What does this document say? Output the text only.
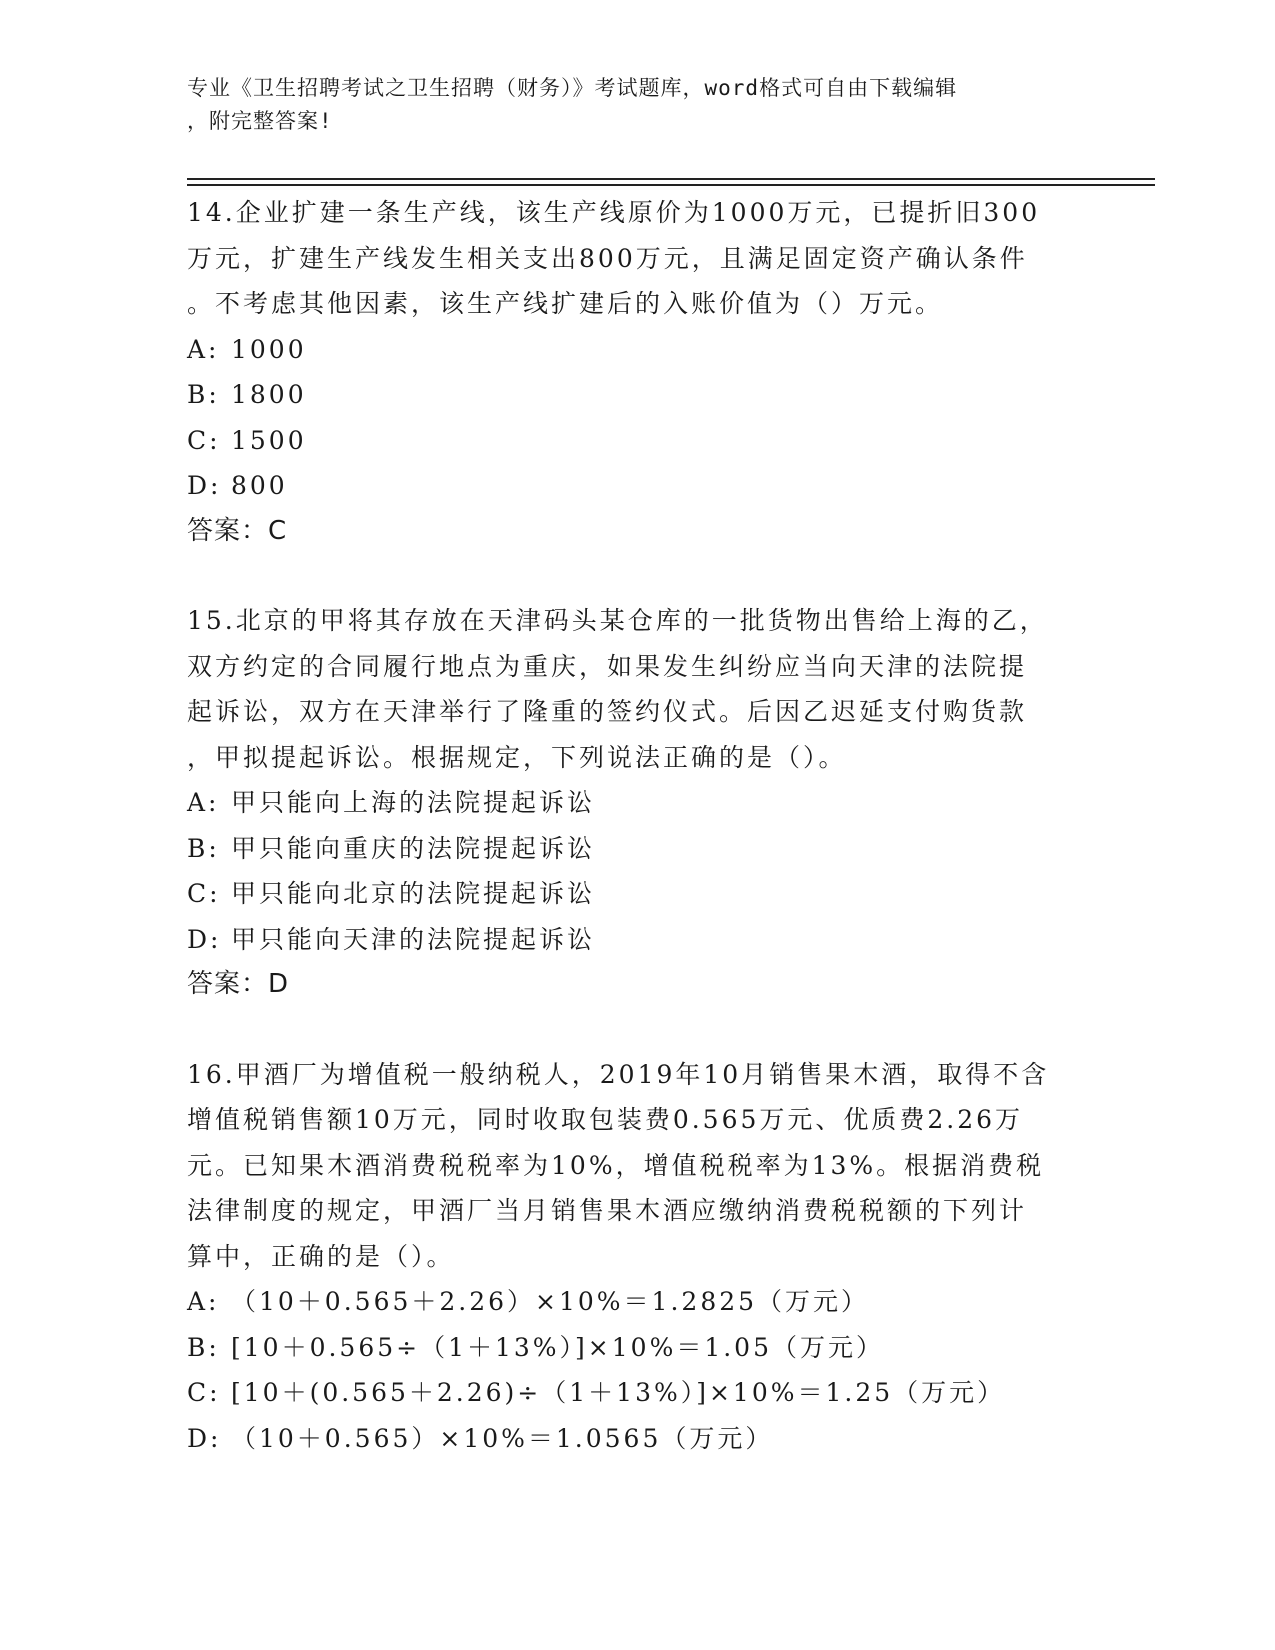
专业《卫生招聘考试之卫生招聘（财务）》考试题库，word格式可自由下载编辑
，附完整答案!
14.企业扩建一条生产线，该生产线原价为1000万元，已提折旧300
万元，扩建生产线发生相关支出800万元，且满足固定资产确认条件
。不考虑其他因素，该生产线扩建后的入账价值为（）万元。
A: 1000
B: 1800
C: 1500
D: 800
答案：C
15.北京的甲将其存放在天津码头某仓库的一批货物出售给上海的乙，
双方约定的合同履行地点为重庆，如果发生纠纷应当向天津的法院提
起诉讼，双方在天津举行了隆重的签约仪式。后因乙迟延支付购货款
，甲拟提起诉讼。根据规定，下列说法正确的是（）。
A: 甲只能向上海的法院提起诉讼
B: 甲只能向重庆的法院提起诉讼
C: 甲只能向北京的法院提起诉讼
D: 甲只能向天津的法院提起诉讼
答案：D
16.甲酒厂为增值税一般纳税人，2019年10月销售果木酒，取得不含
增值税销售额10万元，同时收取包装费0.565万元、优质费2.26万
元。已知果木酒消费税税率为10%，增值税税率为13%。根据消费税
法律制度的规定，甲酒厂当月销售果木酒应缴纳消费税税额的下列计
算中，正确的是（）。
A: （10＋0.565＋2.26）×10%＝1.2825（万元）
B: [10＋0.565÷（1＋13%）]×10%＝1.05（万元）
C: [10＋(0.565＋2.26)÷（1＋13%）]×10%＝1.25（万元）
D: （10＋0.565）×10%＝1.0565（万元）
